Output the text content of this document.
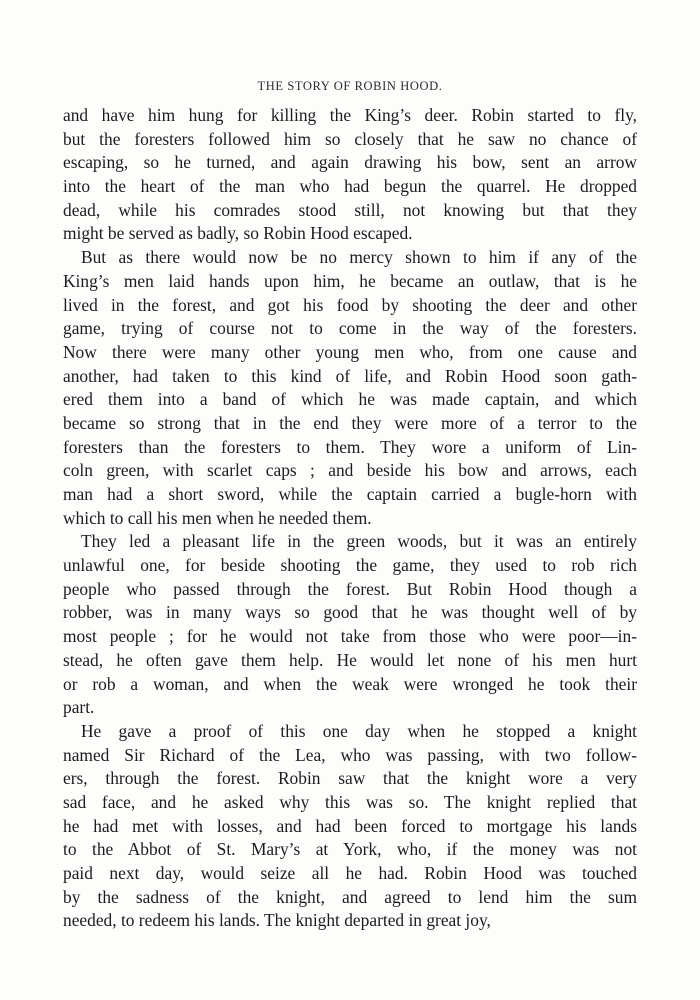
THE STORY OF ROBIN HOOD.
and have him hung for killing the King’s deer. Robin started to fly,
but the foresters followed him so closely that he saw no chance of
escaping, so he turned, and again drawing his bow, sent an arrow
into the heart of the man who had begun the quarrel. He dropped
dead, while his comrades stood still, not knowing but that they
might be served as badly, so Robin Hood escaped.
But as there would now be no mercy shown to him if any of the
King’s men laid hands upon him, he became an outlaw, that is he
lived in the forest, and got his food by shooting the deer and other
game, trying of course not to come in the way of the foresters.
Now there were many other young men who, from one cause and
another, had taken to this kind of life, and Robin Hood soon gath-
ered them into a band of which he was made captain, and which
became so strong that in the end they were more of a terror to the
foresters than the foresters to them. They wore a uniform of Lin-
coln green, with scarlet caps ; and beside his bow and arrows, each
man had a short sword, while the captain carried a bugle-horn with
which to call his men when he needed them.
They led a pleasant life in the green woods, but it was an entirely
unlawful one, for beside shooting the game, they used to rob rich
people who passed through the forest. But Robin Hood though a
robber, was in many ways so good that he was thought well of by
most people ; for he would not take from those who were poor—in-
stead, he often gave them help. He would let none of his men hurt
or rob a woman, and when the weak were wronged he took their
part.
He gave a proof of this one day when he stopped a knight
named Sir Richard of the Lea, who was passing, with two follow-
ers, through the forest. Robin saw that the knight wore a very
sad face, and he asked why this was so. The knight replied that
he had met with losses, and had been forced to mortgage his lands
to the Abbot of St. Mary’s at York, who, if the money was not
paid next day, would seize all he had. Robin Hood was touched
by the sadness of the knight, and agreed to lend him the sum
needed, to redeem his lands. The knight departed in great joy,
